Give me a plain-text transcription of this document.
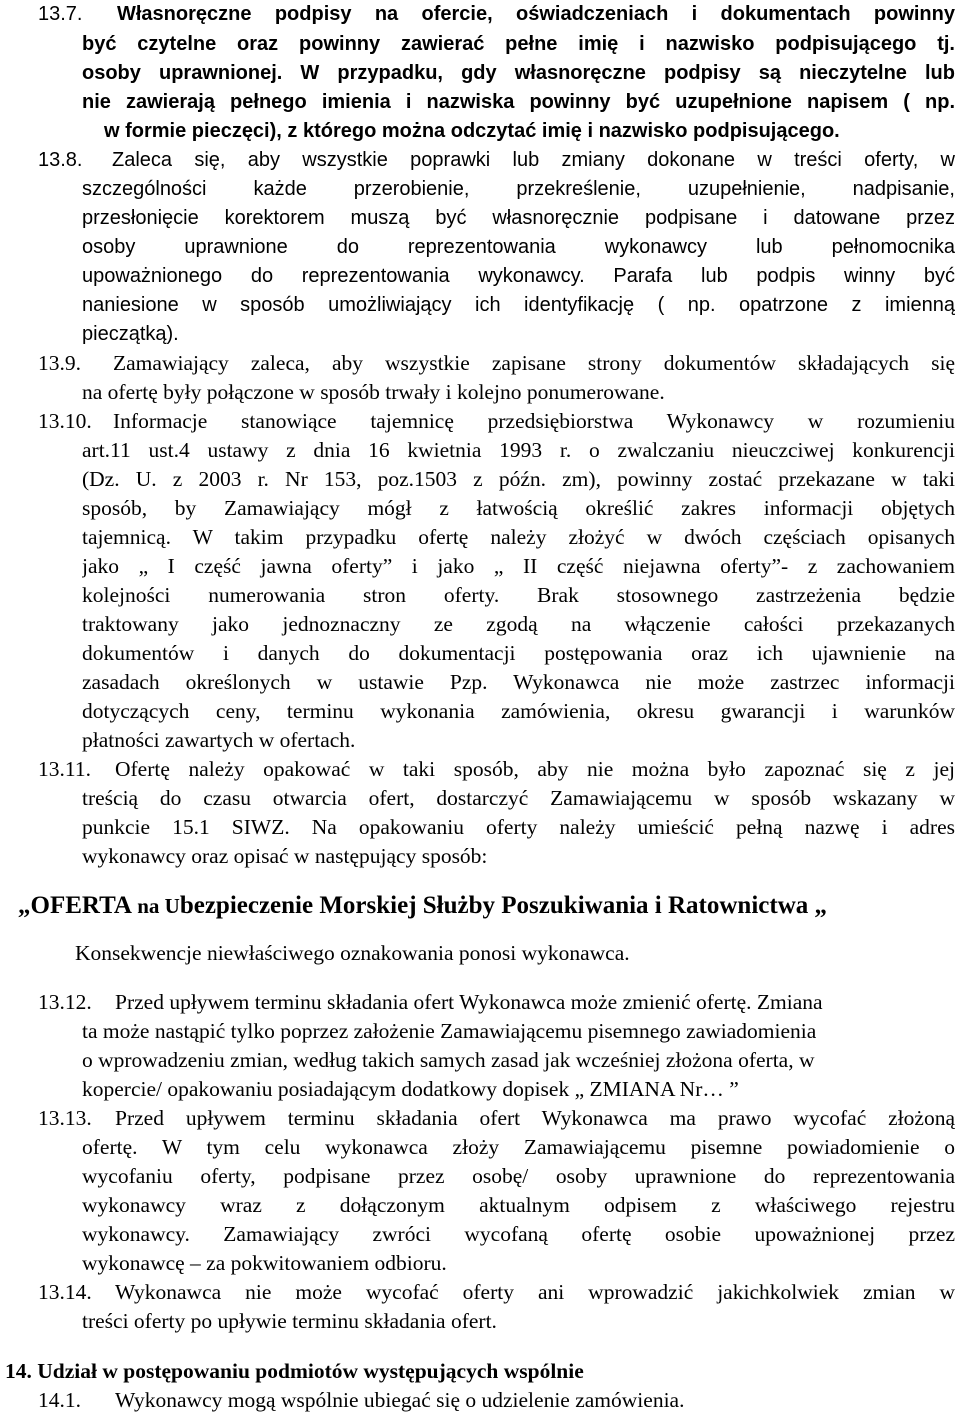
13.7. Własnoręczne podpisy na ofercie, oświadczeniach i dokumentach powinny
być czytelne oraz powinny zawierać pełne imię i nazwisko podpisującego tj.
osoby uprawnionej. W przypadku, gdy własnoręczne podpisy są nieczytelne lub
nie zawierają pełnego imienia i nazwiska powinny być uzupełnione napisem ( np.
w formie pieczęci), z którego można odczytać imię i nazwisko podpisującego.
13.8. Zaleca się, aby wszystkie poprawki lub zmiany dokonane w treści oferty, w
szczególności każde przerobienie, przekreślenie, uzupełnienie, nadpisanie,
przesłonięcie korektorem muszą być własnoręcznie podpisane i datowane przez
osoby uprawnione do reprezentowania wykonawcy lub pełnomocnika
upoważnionego do reprezentowania wykonawcy. Parafa lub podpis winny być
naniesione w sposób umożliwiający ich identyfikację ( np. opatrzone z imienną
pieczątką).
13.9. Zamawiający zaleca, aby wszystkie zapisane strony dokumentów składających się
na ofertę były połączone w sposób trwały i kolejno ponumerowane.
13.10. Informacje stanowiące tajemnicę przedsiębiorstwa Wykonawcy w rozumieniu
art.11 ust.4 ustawy z dnia 16 kwietnia 1993 r. o zwalczaniu nieuczciwej konkurencji
(Dz. U. z 2003 r. Nr 153, poz.1503 z późn. zm), powinny zostać przekazane w taki
sposób, by Zamawiający mógł z łatwością określić zakres informacji objętych
tajemnicą. W takim przypadku ofertę należy złożyć w dwóch częściach opisanych
jako „ I część jawna oferty” i jako „ II część niejawna oferty”- z zachowaniem
kolejności numerowania stron oferty. Brak stosownego zastrzeżenia będzie
traktowany jako jednoznaczny ze zgodą na włączenie całości przekazanych
dokumentów i danych do dokumentacji postępowania oraz ich ujawnienie na
zasadach określonych w ustawie Pzp. Wykonawca nie może zastrzec informacji
dotyczących ceny, terminu wykonania zamówienia, okresu gwarancji i warunków
płatności zawartych w ofertach.
13.11. Ofertę należy opakować w taki sposób, aby nie można było zapoznać się z jej
treścią do czasu otwarcia ofert, dostarczyć Zamawiającemu w sposób wskazany w
punkcie 15.1 SIWZ. Na opakowaniu oferty należy umieścić pełną nazwę i adres
wykonawcy oraz opisać w następujący sposób:
„OFERTA na Ubezpieczenie Morskiej Służby Poszukiwania i Ratownictwa „
Konsekwencje niewłaściwego oznakowania ponosi wykonawca.
13.12. Przed upływem terminu składania ofert Wykonawca może zmienić ofertę. Zmiana
ta może nastąpić tylko poprzez założenie Zamawiającemu pisemnego zawiadomienia
o wprowadzeniu zmian, według takich samych zasad jak wcześniej złożona oferta, w
kopercie/ opakowaniu posiadającym dodatkowy dopisek „ ZMIANA Nr… ”
13.13. Przed upływem terminu składania ofert Wykonawca ma prawo wycofać złożoną
ofertę. W tym celu wykonawca złoży Zamawiającemu pisemne powiadomienie o
wycofaniu oferty, podpisane przez osobę/ osoby uprawnione do reprezentowania
wykonawcy wraz z dołączonym aktualnym odpisem z właściwego rejestru
wykonawcy. Zamawiający zwróci wycofaną ofertę osobie upoważnionej przez
wykonawcę – za pokwitowaniem odbioru.
13.14. Wykonawca nie może wycofać oferty ani wprowadzić jakichkolwiek zmian w
treści oferty po upływie terminu składania ofert.
14. Udział w postępowaniu podmiotów występujących wspólnie
14.1. Wykonawcy mogą wspólnie ubiegać się o udzielenie zamówienia.
